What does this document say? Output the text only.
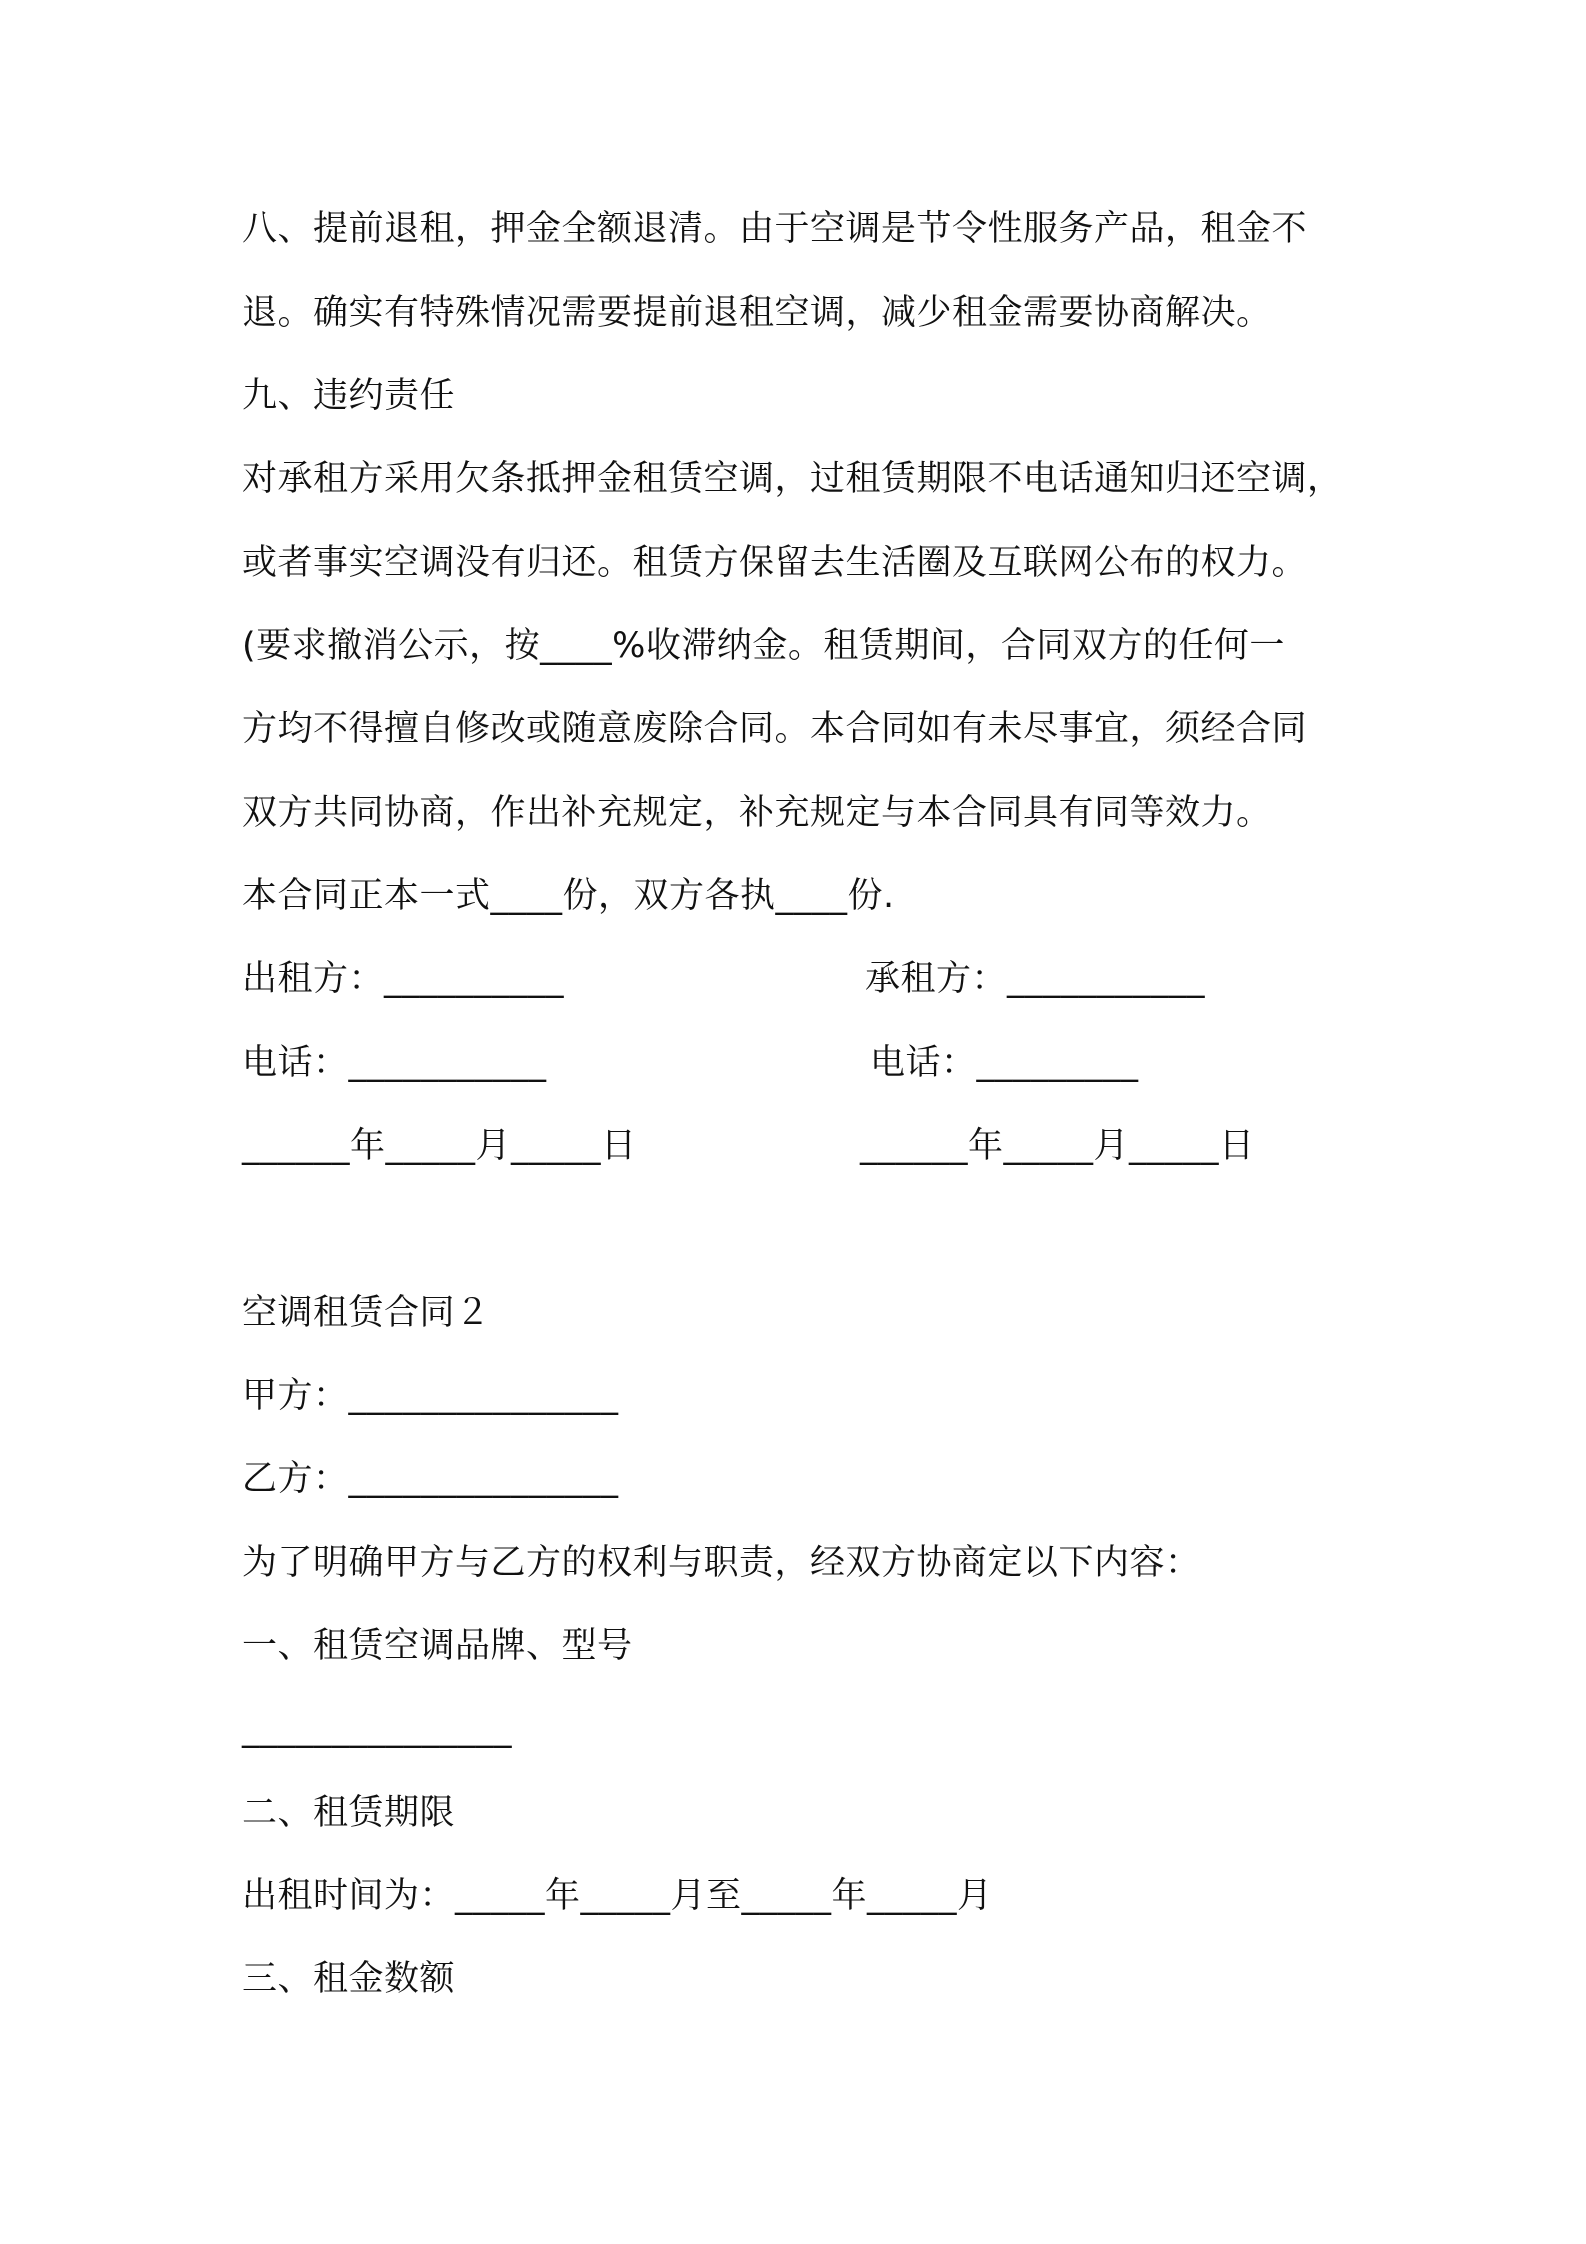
八、提前退租，押金全额退清。由于空调是节令性服务产品，租金不
退。确实有特殊情况需要提前退租空调，减少租金需要协商解决。
九、违约责任
对承租方采用欠条抵押金租赁空调，过租赁期限不电话通知归还空调，
或者事实空调没有归还。租赁方保留去生活圈及互联网公布的权力。
(要求撤消公示，按____%收滞纳金。租赁期间，合同双方的任何一
方均不得擅自修改或随意废除合同。本合同如有未尽事宜，须经合同
双方共同协商，作出补充规定，补充规定与本合同具有同等效力。
本合同正本一式____份，双方各执____份.
出租方：__________	承租方：___________
电话：___________	电话：_________
______年_____月_____日	______年_____月_____日
空调租赁合同２
甲方：_______________
乙方：_______________
为了明确甲方与乙方的权利与职责，经双方协商定以下内容：
一、租赁空调品牌、型号
_______________
二、租赁期限
出租时间为：_____年_____月至_____年_____月
三、租金数额
